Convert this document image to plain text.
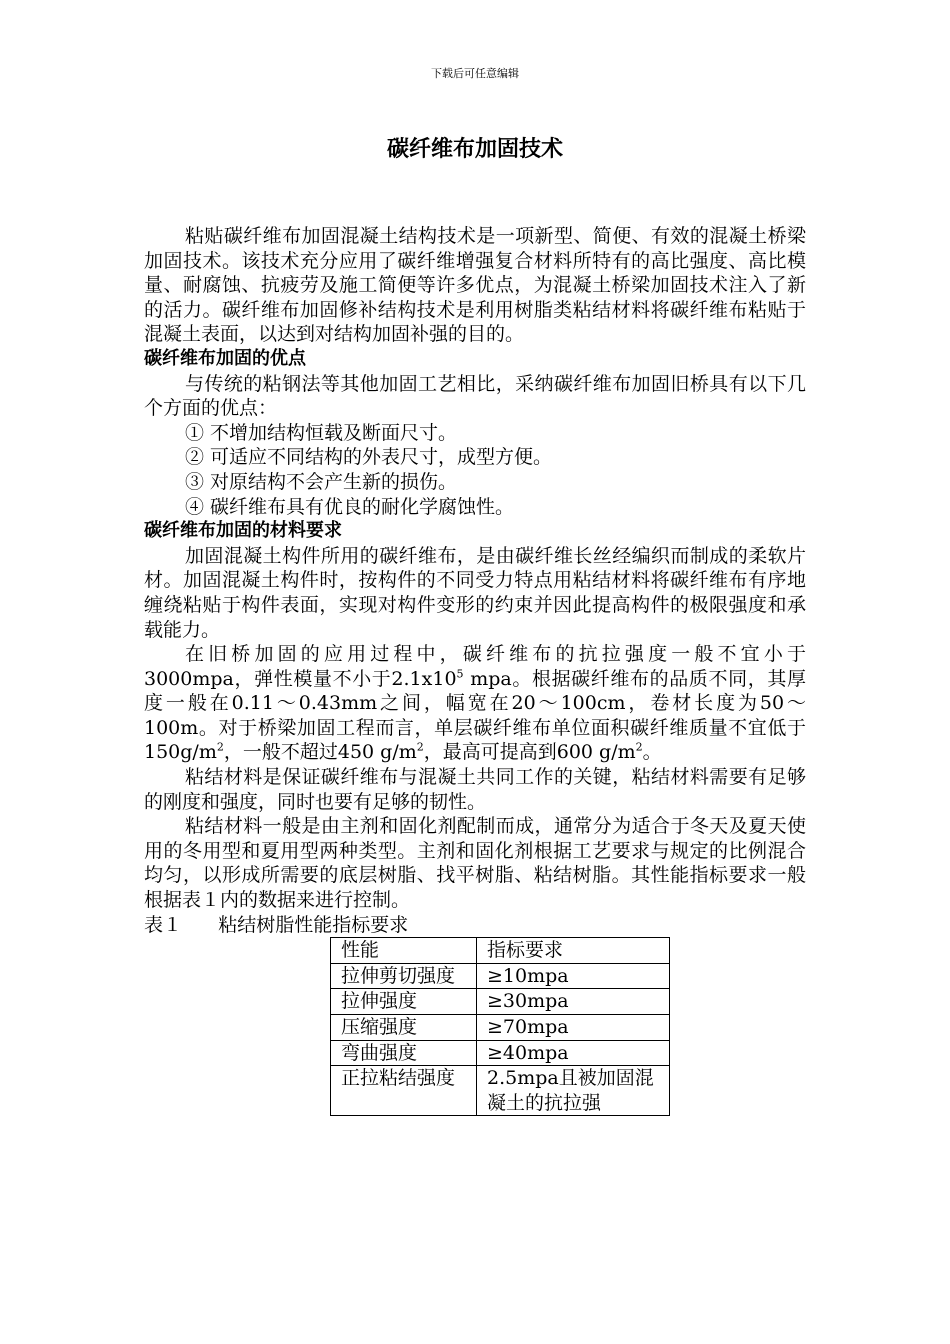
下载后可任意编辑
碳纤维布加固技术

粘贴碳纤维布加固混凝土结构技术是一项新型、简便、有效的混凝土桥梁加固技术。该技术充分应用了碳纤维增强复合材料所特有的高比强度、高比模量、耐腐蚀、抗疲劳及施工简便等许多优点，为混凝土桥梁加固技术注入了新的活力。碳纤维布加固修补结构技术是利用树脂类粘结材料将碳纤维布粘贴于混凝土表面，以达到对结构加固补强的目的。

碳纤维布加固的优点

与传统的粘钢法等其他加固工艺相比，采纳碳纤维布加固旧桥具有以下几个方面的优点：

① 不增加结构恒载及断面尺寸。

② 可适应不同结构的外表尺寸，成型方便。

③ 对原结构不会产生新的损伤。

④ 碳纤维布具有优良的耐化学腐蚀性。

碳纤维布加固的材料要求

加固混凝土构件所用的碳纤维布，是由碳纤维长丝经编织而制成的柔软片材。加固混凝土构件时，按构件的不同受力特点用粘结材料将碳纤维布有序地缠绕粘贴于构件表面，实现对构件变形的约束并因此提高构件的极限强度和承载能力。

在旧桥加固的应用过程中，碳纤维布的抗拉强度一般不宜小于3000mpa，弹性模量不小于$2.1x10^5$ mpa。根据碳纤维布的品质不同，其厚度一般在0.11～0.43mm之间，幅宽在20～100cm，卷材长度为50～100m。对于桥梁加固工程而言，单层碳纤维布单位面积碳纤维质量不宜低于$150g/m^2$，一般不超过450 $g/m^2$，最高可提高到600 $g/m^2$。

粘结材料是保证碳纤维布与混凝土共同工作的关键，粘结材料需要有足够的刚度和强度，同时也要有足够的韧性。

粘结材料一般是由主剂和固化剂配制而成，通常分为适合于冬天及夏天使用的冬用型和夏用型两种类型。主剂和固化剂根据工艺要求与规定的比例混合均匀，以形成所需要的底层树脂、找平树脂、粘结树脂。其性能指标要求一般根据表１内的数据来进行控制。

表１      粘结树脂性能指标要求

性能	指标要求
拉伸剪切强度	≥10mpa
拉伸强度	≥30mpa
压缩强度	≥70mpa
弯曲强度	≥40mpa
正拉粘结强度	2.5mpa且被加固混凝土的抗拉强
